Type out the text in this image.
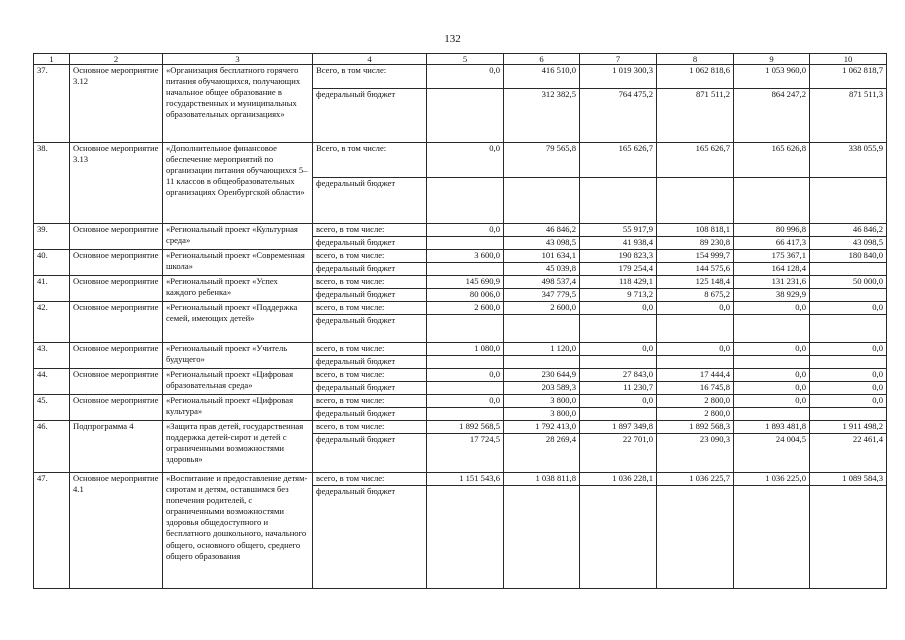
132
1	2	3	4	5	6	7	8	9	10
37.	Основное мероприятие 3.12	«Организация бесплатного горячего питания обучающихся, получающих начальное общее образование в государственных и муниципальных образовательных организациях»	Всего, в том числе:	0,0	416 510,0	1 019 300,3	1 062 818,6	1 053 960,0	1 062 818,7
			федеральный бюджет		312 382,5	764 475,2	871 511,2	864 247,2	871 511,3
38.	Основное мероприятие 3.13	«Дополнительное финансовое обеспечение мероприятий по организации питания обучающихся 5–11 классов в общеобразовательных организациях Оренбургской области»	Всего, в том числе:	0,0	79 565,8	165 626,7	165 626,7	165 626,8	338 055,9
			федеральный бюджет						
39.	Основное мероприятие	«Региональный проект «Культурная среда»	всего, в том числе:	0,0	46 846,2	55 917,9	108 818,1	80 996,8	46 846,2
			федеральный бюджет		43 098,5	41 938,4	89 230,8	66 417,3	43 098,5
40.	Основное мероприятие	«Региональный проект «Современная школа»	всего, в том числе:	3 600,0	101 634,1	190 823,3	154 999,7	175 367,1	180 840,0
			федеральный бюджет		45 039,8	179 254,4	144 575,6	164 128,4	
41.	Основное мероприятие	«Региональный проект «Успех каждого ребенка»	всего, в том числе:	145 690,9	498 537,4	118 429,1	125 148,4	131 231,6	50 000,0
			федеральный бюджет	80 006,0	347 779,5	9 713,2	8 675,2	38 929,9	
42.	Основное мероприятие	«Региональный проект «Поддержка семей, имеющих детей»	всего, в том числе:	2 600,0	2 600,0	0,0	0,0	0,0	0,0
			федеральный бюджет						
43.	Основное мероприятие	«Региональный проект «Учитель будущего»	всего, в том числе:	1 080,0	1 120,0	0,0	0,0	0,0	0,0
			федеральный бюджет						
44.	Основное мероприятие	«Региональный проект «Цифровая образовательная среда»	всего, в том числе:	0,0	230 644,9	27 843,0	17 444,4	0,0	0,0
			федеральный бюджет		203 589,3	11 230,7	16 745,8	0,0	0,0
45.	Основное мероприятие	«Региональный проект «Цифровая культура»	всего, в том числе:	0,0	3 800,0	0,0	2 800,0	0,0	0,0
			федеральный бюджет		3 800,0		2 800,0		
46.	Подпрограмма 4	«Защита прав детей, государственная поддержка детей-сирот и детей с ограниченными возможностями здоровья»	всего, в том числе:	1 892 568,5	1 792 413,0	1 897 349,8	1 892 568,3	1 893 481,8	1 911 498,2
			федеральный бюджет	17 724,5	28 269,4	22 701,0	23 090,3	24 004,5	22 461,4
47.	Основное мероприятие 4.1	«Воспитание и предоставление детям-сиротам и детям, оставшимся без попечения родителей, с ограниченными возможностями здоровья общедоступного и бесплатного дошкольного, начального общего, основного общего, среднего общего образования	всего, в том числе:	1 151 543,6	1 038 811,8	1 036 228,1	1 036 225,7	1 036 225,0	1 089 584,3
			федеральный бюджет						
